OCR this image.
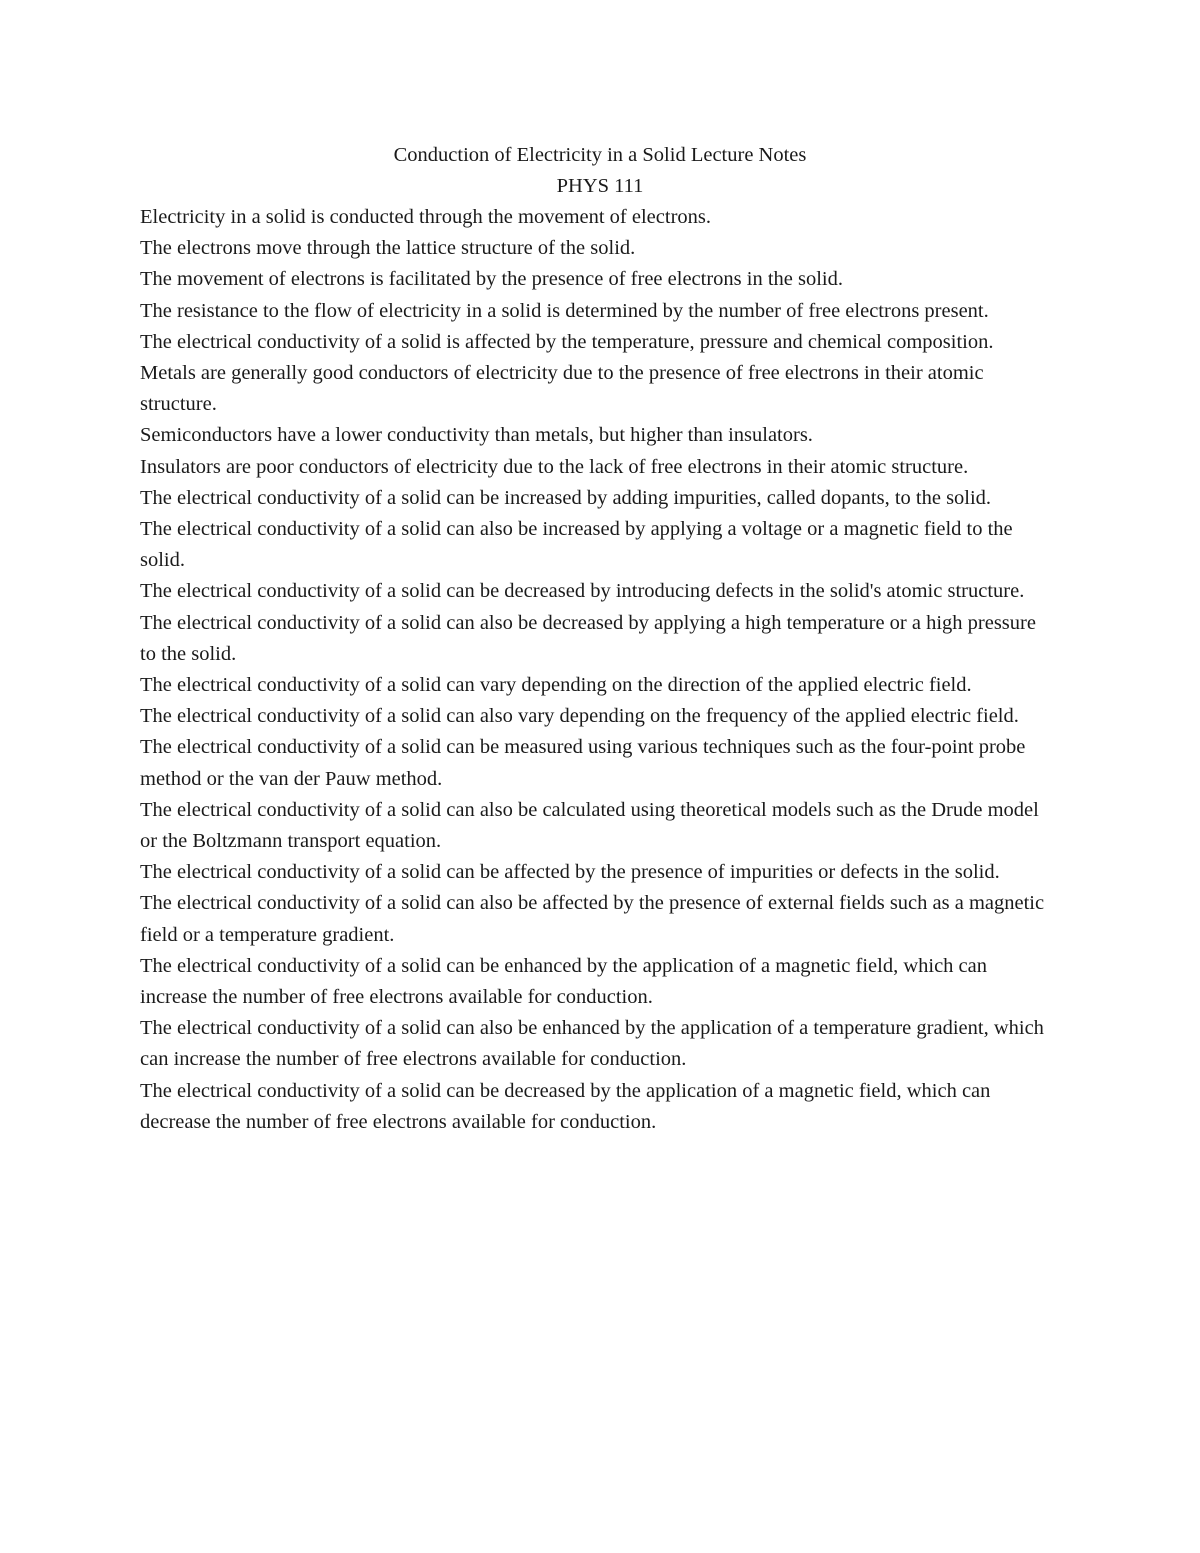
Conduction of Electricity in a Solid Lecture Notes
PHYS 111

Electricity in a solid is conducted through the movement of electrons.

The electrons move through the lattice structure of the solid.

The movement of electrons is facilitated by the presence of free electrons in the solid.

The resistance to the flow of electricity in a solid is determined by the number of free electrons present.

The electrical conductivity of a solid is affected by the temperature, pressure and chemical composition.

Metals are generally good conductors of electricity due to the presence of free electrons in their atomic structure.

Semiconductors have a lower conductivity than metals, but higher than insulators.

Insulators are poor conductors of electricity due to the lack of free electrons in their atomic structure.

The electrical conductivity of a solid can be increased by adding impurities, called dopants, to the solid.

The electrical conductivity of a solid can also be increased by applying a voltage or a magnetic field to the solid.

The electrical conductivity of a solid can be decreased by introducing defects in the solid's atomic structure.

The electrical conductivity of a solid can also be decreased by applying a high temperature or a high pressure to the solid.

The electrical conductivity of a solid can vary depending on the direction of the applied electric field.

The electrical conductivity of a solid can also vary depending on the frequency of the applied electric field.

The electrical conductivity of a solid can be measured using various techniques such as the four-point probe method or the van der Pauw method.

The electrical conductivity of a solid can also be calculated using theoretical models such as the Drude model or the Boltzmann transport equation.

The electrical conductivity of a solid can be affected by the presence of impurities or defects in the solid.

The electrical conductivity of a solid can also be affected by the presence of external fields such as a magnetic field or a temperature gradient.

The electrical conductivity of a solid can be enhanced by the application of a magnetic field, which can increase the number of free electrons available for conduction.

The electrical conductivity of a solid can also be enhanced by the application of a temperature gradient, which can increase the number of free electrons available for conduction.

The electrical conductivity of a solid can be decreased by the application of a magnetic field, which can decrease the number of free electrons available for conduction.
